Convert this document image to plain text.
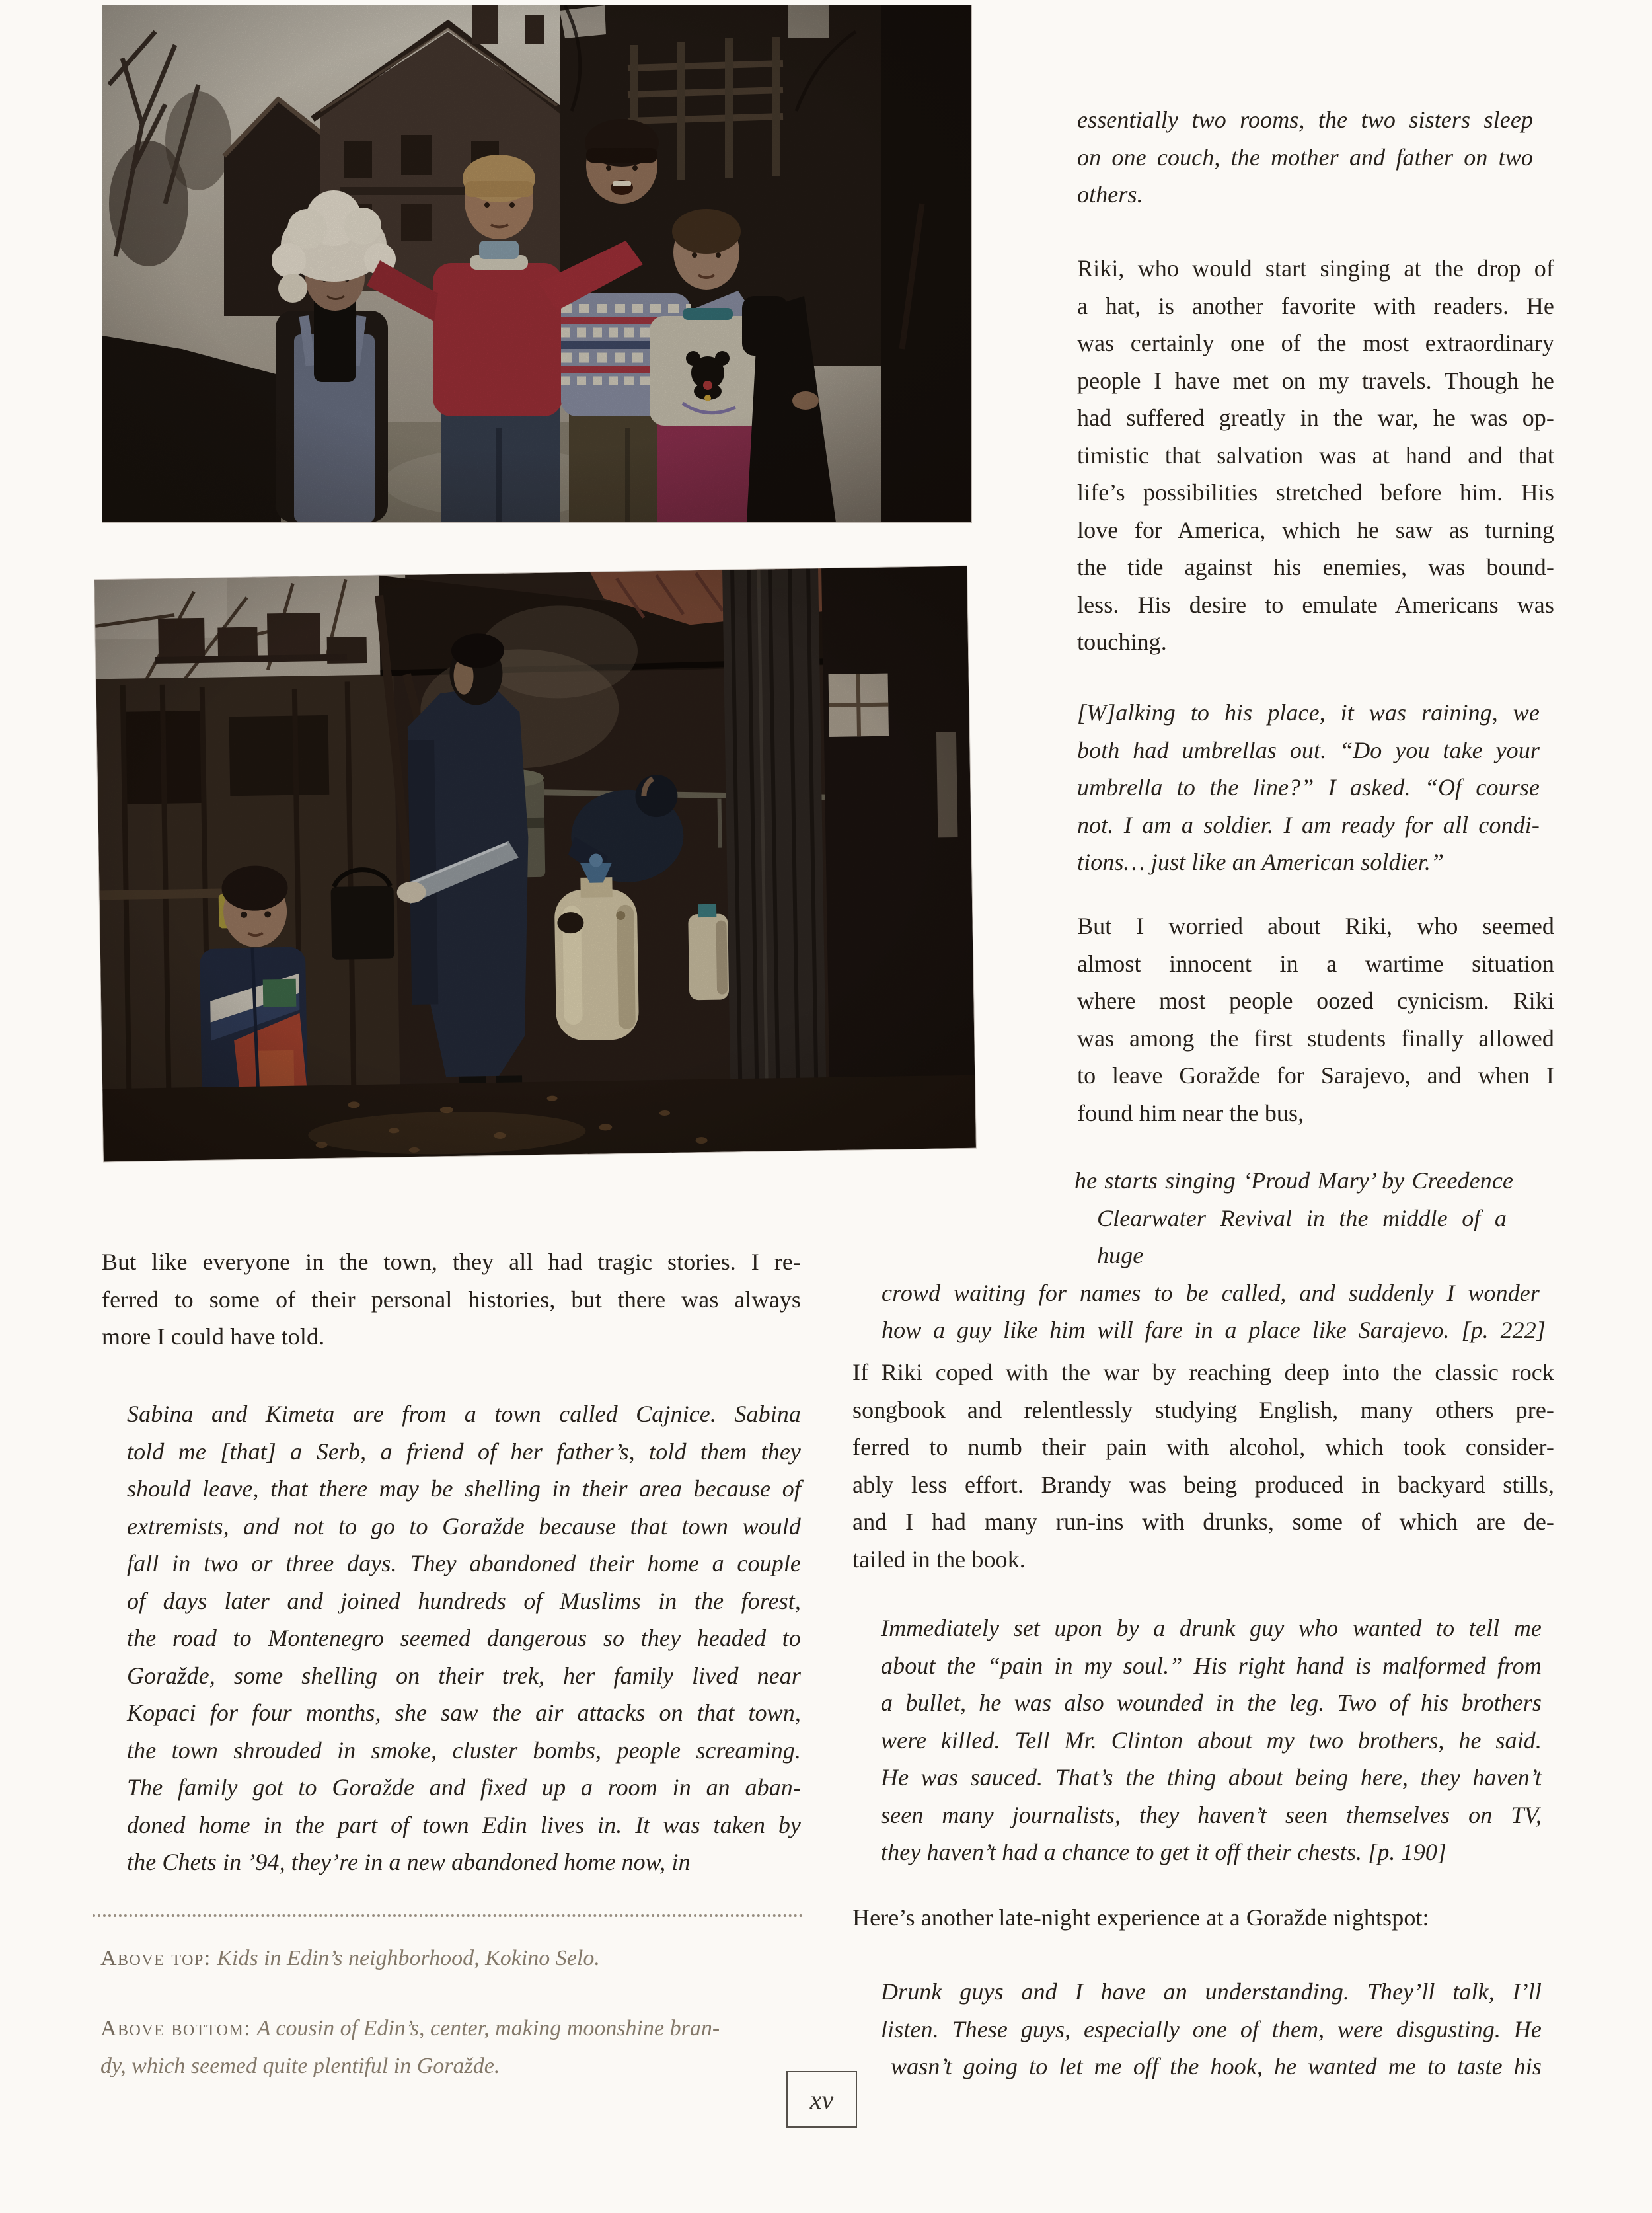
essentially two rooms, the two sisters sleep
on one couch, the mother and father on two
others.
Riki, who would start singing at the drop of
a hat, is another favorite with readers. He
was certainly one of the most extraordinary
people I have met on my travels. Though he
had suffered greatly in the war, he was op-
timistic that salvation was at hand and that
life’s possibilities stretched before him. His
love for America, which he saw as turning
the tide against his enemies, was bound-
less. His desire to emulate Americans was
touching.
[W]alking to his place, it was raining, we
both had umbrellas out. “Do you take your
umbrella to the line?” I asked. “Of course
not. I am a soldier. I am ready for all condi-
tions… just like an American soldier.”
But I worried about Riki, who seemed
almost innocent in a wartime situation
where most people oozed cynicism. Riki
was among the first students finally allowed
to leave Goražde for Sarajevo, and when I
found him near the bus,
he starts singing ‘Proud Mary’ by Creedence
Clearwater Revival in the middle of a huge
crowd waiting for names to be called, and suddenly I wonder
how a guy like him will fare in a place like Sarajevo. [p. 222]
If Riki coped with the war by reaching deep into the classic rock
songbook and relentlessly studying English, many others pre-
ferred to numb their pain with alcohol, which took consider-
ably less effort. Brandy was being produced in backyard stills,
and I had many run-ins with drunks, some of which are de-
tailed in the book.
Immediately set upon by a drunk guy who wanted to tell me
about the “pain in my soul.” His right hand is malformed from
a bullet, he was also wounded in the leg. Two of his brothers
were killed. Tell Mr. Clinton about my two brothers, he said.
He was sauced. That’s the thing about being here, they haven’t
seen many journalists, they haven’t seen themselves on TV,
they haven’t had a chance to get it off their chests. [p. 190]
Here’s another late-night experience at a Goražde nightspot:
Drunk guys and I have an understanding. They’ll talk, I’ll
listen. These guys, especially one of them, were disgusting. He
wasn’t going to let me off the hook, he wanted me to taste his
But like everyone in the town, they all had tragic stories. I re-
ferred to some of their personal histories, but there was always
more I could have told.
Sabina and Kimeta are from a town called Cajnice. Sabina
told me [that] a Serb, a friend of her father’s, told them they
should leave, that there may be shelling in their area because of
extremists, and not to go to Goražde because that town would
fall in two or three days. They abandoned their home a couple
of days later and joined hundreds of Muslims in the forest,
the road to Montenegro seemed dangerous so they headed to
Goražde, some shelling on their trek, her family lived near
Kopaci for four months, she saw the air attacks on that town,
the town shrouded in smoke, cluster bombs, people screaming.
The family got to Goražde and fixed up a room in an aban-
doned home in the part of town Edin lives in. It was taken by
the Chets in ’94, they’re in a new abandoned home now, in
Above top: Kids in Edin’s neighborhood, Kokino Selo.
Above bottom: A cousin of Edin’s, center, making moonshine bran-
dy, which seemed quite plentiful in Goražde.
xv
